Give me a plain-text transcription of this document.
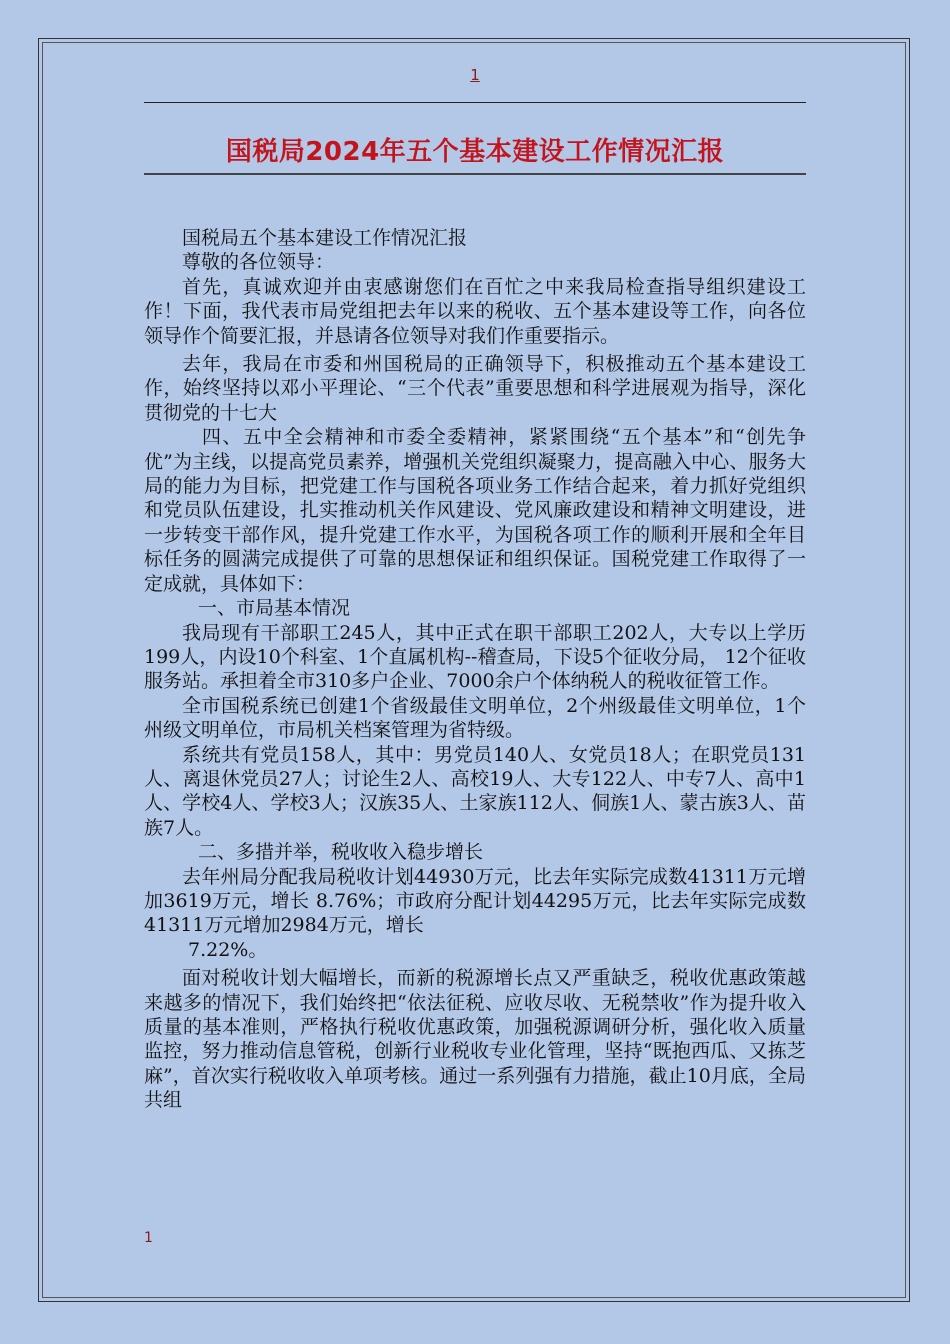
1
国税局2024年五个基本建设工作情况汇报

国税局五个基本建设工作情况汇报

尊敬的各位领导：

首先，真诚欢迎并由衷感谢您们在百忙之中来我局检查指导组织建设工作！下面，我代表市局党组把去年以来的税收、五个基本建设等工作，向各位领导作个简要汇报，并恳请各位领导对我们作重要指示。

去年，我局在市委和州国税局的正确领导下，积极推动五个基本建设工作，始终坚持以邓小平理论、“三个代表”重要思想和科学进展观为指导，深化贯彻党的十七大

四、五中全会精神和市委全委精神，紧紧围绕“五个基本”和“创先争优”为主线，以提高党员素养，增强机关党组织凝聚力，提高融入中心、服务大局的能力为目标，把党建工作与国税各项业务工作结合起来，着力抓好党组织和党员队伍建设，扎实推动机关作风建设、党风廉政建设和精神文明建设，进一步转变干部作风，提升党建工作水平，为国税各项工作的顺利开展和全年目标任务的圆满完成提供了可靠的思想保证和组织保证。国税党建工作取得了一定成就，具体如下：

一、市局基本情况

我局现有干部职工245人，其中正式在职干部职工202人，大专以上学历199人，内设10个科室、1个直属机构--稽查局，下设5个征收分局， 12个征收服务站。承担着全市310多户企业、7000余户个体纳税人的税收征管工作。

全市国税系统已创建1个省级最佳文明单位，2个州级最佳文明单位，1个州级文明单位，市局机关档案管理为省特级。

系统共有党员158人，其中：男党员140人、女党员18人；在职党员131人、离退休党员27人；讨论生2人、高校19人、大专122人、中专7人、高中1人、学校4人、学校3人；汉族35人、土家族112人、侗族1人、蒙古族3人、苗族7人。

二、多措并举，税收收入稳步增长

去年州局分配我局税收计划44930万元，比去年实际完成数41311万元增加3619万元，增长 8.76%；市政府分配计划44295万元，比去年实际完成数41311万元增加2984万元，增长

7.22%。

面对税收计划大幅增长，而新的税源增长点又严重缺乏，税收优惠政策越来越多的情况下，我们始终把“依法征税、应收尽收、无税禁收”作为提升收入质量的基本准则，严格执行税收优惠政策，加强税源调研分析，强化收入质量监控，努力推动信息管税，创新行业税收专业化管理，坚持“既抱西瓜、又拣芝麻”，首次实行税收收入单项考核。通过一系列强有力措施，截止10月底，全局共组

1
